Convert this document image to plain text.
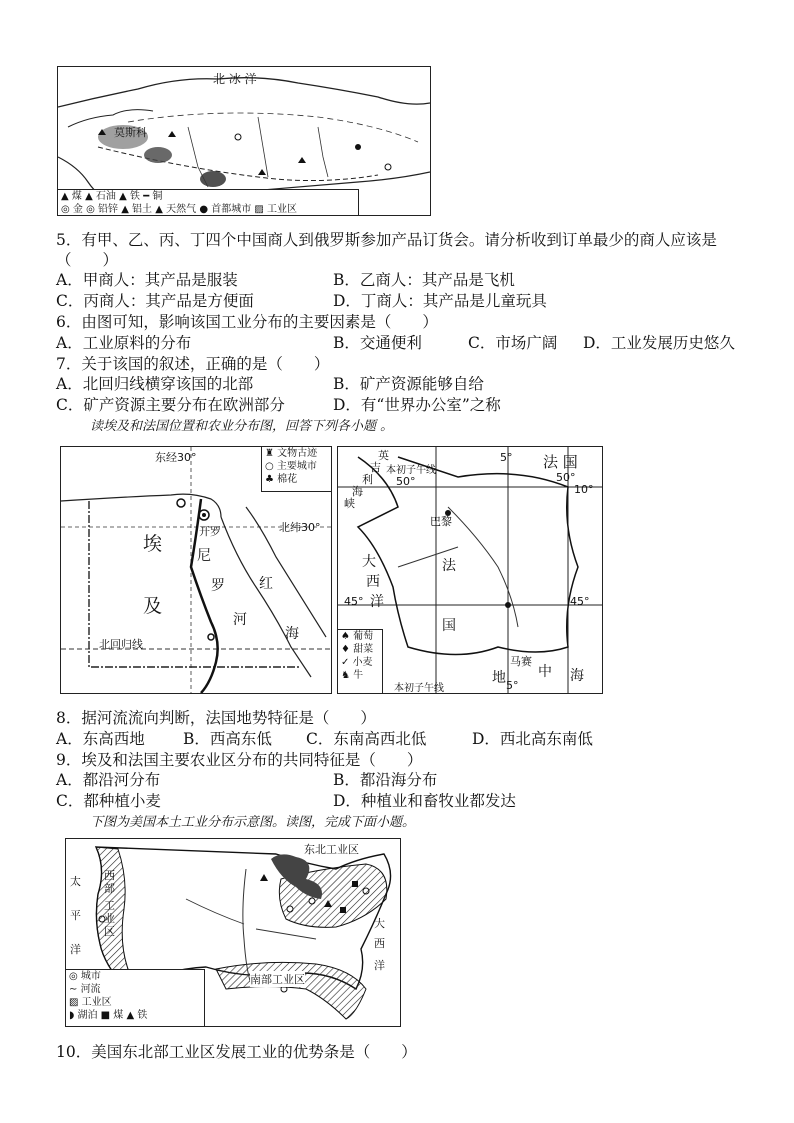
北 冰 洋
莫斯科
▲ 煤 ▲ 石油 ▲ 铁 ━ 铜
◎ 金 ◎ 铅锌 ▲ 铝土 ▲ 天然气 ● 首都城市 ▨ 工业区
5．有甲、乙、丙、丁四个中国商人到俄罗斯参加产品订货会。请分析收到订单最少的商人应该是
（　　）
A．甲商人：其产品是服装	B．乙商人：其产品是飞机
C．丙商人：其产品是方便面	D．丁商人：其产品是儿童玩具
6．由图可知，影响该国工业分布的主要因素是（　　）
A．工业原料的分布	B．交通便利	C．市场广阔 D．工业发展历史悠久
7．关于该国的叙述，正确的是（　　）
A．北回归线横穿该国的北部	B．矿产资源能够自给
C．矿产资源主要分布在欧洲部分	D．有“世界办公室”之称
读埃及和法国位置和农业分布图，回答下列各小题 。
东经30°
北纬30°
北回归线
开罗
埃
及
尼
罗
河
红
海
♜ 文物古迹
○ 主要城市
♣ 棉花
法 国
本初子午线
本初子午线
50°	50°
10°
5°
45°	45°
5°
巴黎
马赛
英
吉
利
海
峡
大
西
洋
法
国
地 中 海
♠ 葡萄
♦ 甜菜
✓ 小麦
♞ 牛
8．据河流流向判断，法国地势特征是（　　）
A．东高西地 B．西高东低 C．东南高西北低	D．西北高东南低
9．埃及和法国主要农业区分布的共同特征是（　　）
A．都沿河分布	B．都沿海分布
C．都种植小麦	D．种植业和畜牧业都发达
下图为美国本土工业分布示意图。读图，完成下面小题。
西
部
工
业
区
东北工业区
南部工业区
太
平
洋
大
西
洋
◎ 城市
∼ 河流
▨ 工业区
◗ 湖泊 ■ 煤 ▲ 铁
10．美国东北部工业区发展工业的优势条是（　　）
